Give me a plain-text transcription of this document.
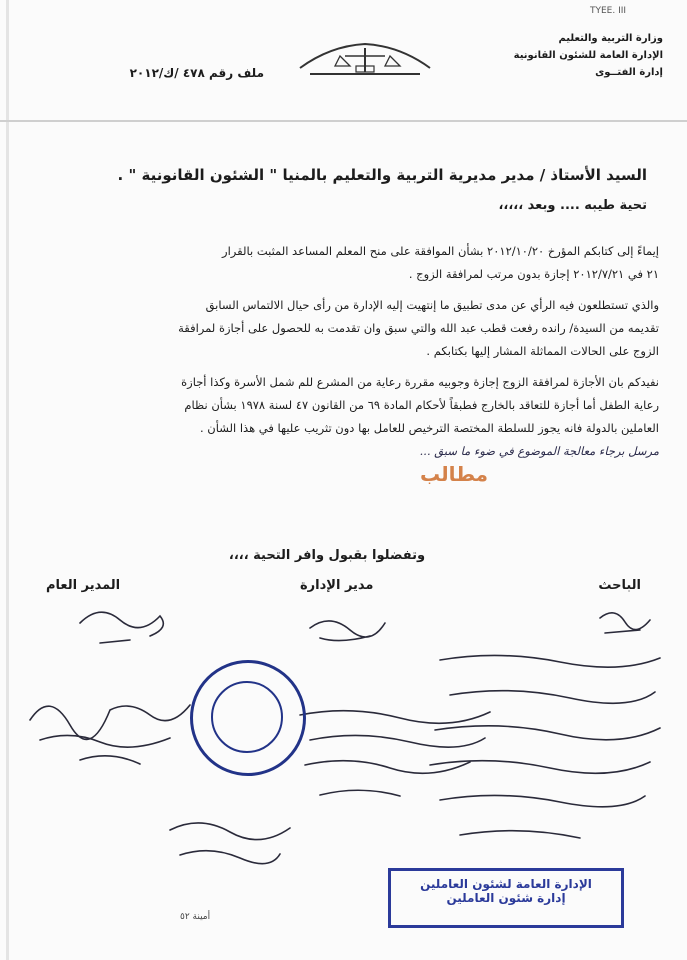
TYEE. III
وزارة التربية والتعليم
الإدارة العامة للشئون القانونية
إدارة الفتــوى
ملف رقم ٤٧٨ /ك/٢٠١٢
السيد الأستاذ / مدير مديرية التربية والتعليم بالمنيا " الشئون القانونية " .
تحية طيبه .... وبعد ،،،،،

إيماءً إلى كتابكم المؤرخ ٢٠١٢/١٠/٢٠ بشأن الموافقة على منح المعلم المساعد المثبت بالقرار

٢١ في ٢٠١٢/٧/٢١ إجازة بدون مرتب لمرافقة الزوج .

والذي تستطلعون فيه الرأي عن مدى تطبيق ما إنتهيت إليه الإدارة من رأى حيال الالتماس السابق

تقديمه من السيدة/ رانده رفعت قطب عبد الله والتي سبق وان تقدمت به للحصول على أجازة لمرافقة

الزوج على الحالات المماثلة المشار إليها بكتابكم .

نفيدكم بان الأجازة لمرافقة الزوج إجازة وجوبيه مقررة رعاية من المشرع للم شمل الأسرة وكذا أجازة

رعاية الطفل أما أجازة للتعاقد بالخارج فطبقاً لأحكام المادة ٦٩ من القانون ٤٧ لسنة ١٩٧٨ بشأن نظام

العاملين بالدولة فانه يجوز للسلطة المختصة الترخيص للعامل بها دون تثريب عليها في هذا الشأن .

مرسل برجاء معالجة الموضوع في ضوء ما سبق ...

مطالب
وتفضلوا بقبول وافر التحية ،،،،
الباحث
مدير الإدارة
المدير العام
الإدارة العامة لشئون العاملين
إدارة شئون العاملين
أمينة ٥٢
